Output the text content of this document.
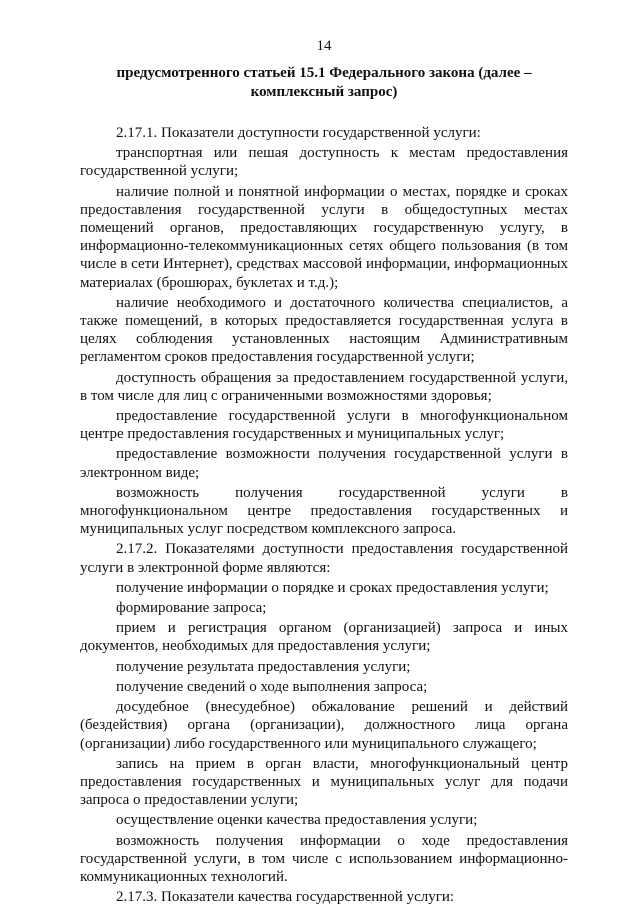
14
предусмотренного статьей 15.1 Федерального закона (далее –
комплексный запрос)

2.17.1. Показатели доступности государственной услуги:

транспортная или пешая доступность к местам предоставления государственной услуги;

наличие полной и понятной информации о местах, порядке и сроках предоставления государственной услуги в общедоступных местах помещений органов, предоставляющих государственную услугу, в информационно-телекоммуникационных сетях общего пользования (в том числе в сети Интернет), средствах массовой информации, информационных материалах (брошюрах, буклетах и т.д.);

наличие необходимого и достаточного количества специалистов, а также помещений, в которых предоставляется государственная услуга в целях соблюдения установленных настоящим Административным регламентом сроков предоставления государственной услуги;

доступность обращения за предоставлением государственной услуги, в том числе для лиц с ограниченными возможностями здоровья;

предоставление государственной услуги в многофункциональном центре предоставления государственных и муниципальных услуг;

предоставление возможности получения государственной услуги в электронном виде;

возможность получения государственной услуги в многофункциональном центре предоставления государственных и муниципальных услуг посредством комплексного запроса.

2.17.2. Показателями доступности предоставления государственной услуги в электронной форме являются:

получение информации о порядке и сроках предоставления услуги;

формирование запроса;

прием и регистрация органом (организацией) запроса и иных документов, необходимых для предоставления услуги;

получение результата предоставления услуги;

получение сведений о ходе выполнения запроса;

досудебное (внесудебное) обжалование решений и действий (бездействия) органа (организации), должностного лица органа (организации) либо государственного или муниципального служащего;

запись на прием в орган власти, многофункциональный центр предоставления государственных и муниципальных услуг для подачи запроса о предоставлении услуги;

осуществление оценки качества предоставления услуги;

возможность получения информации о ходе предоставления государственной услуги, в том числе с использованием информационно-коммуникационных технологий.

2.17.3. Показатели качества государственной услуги:
